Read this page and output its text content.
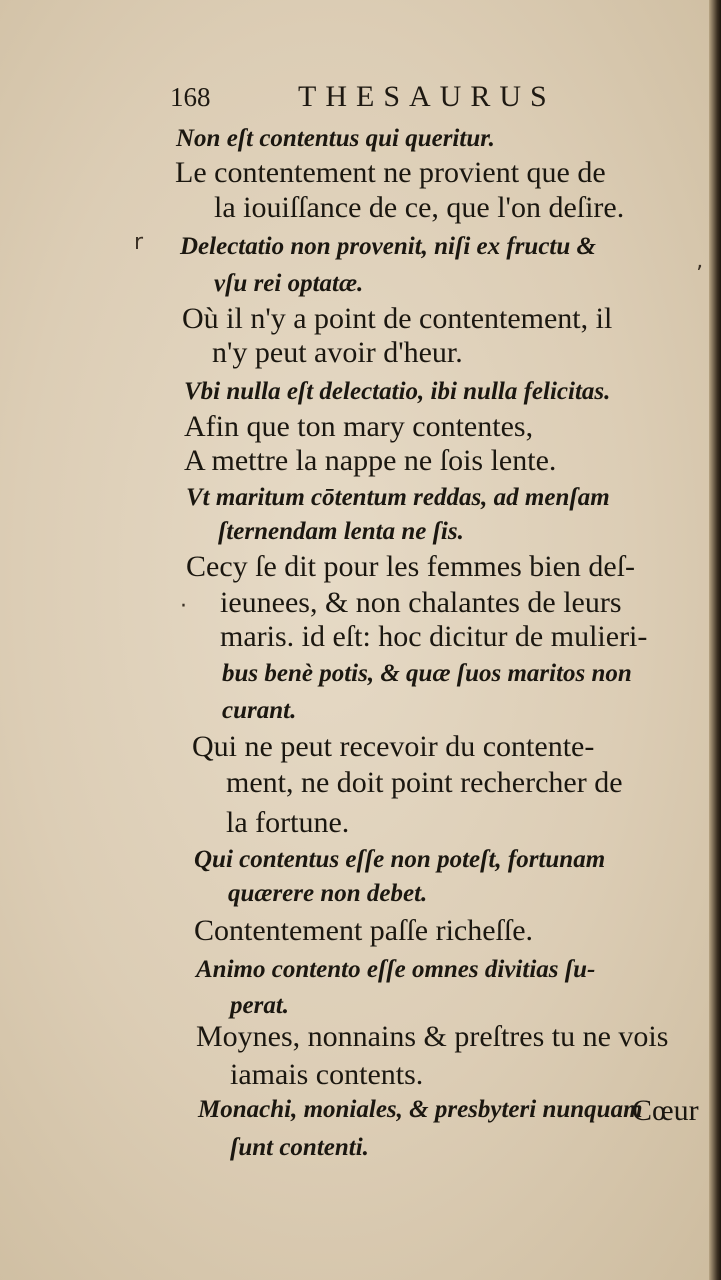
168	THESAURUS
r
ʼ
·
Non eſt contentus qui queritur.
Le contentement ne provient que de
la iouiſſance de ce, que l'on deſire.
Delectatio non provenit, niſi ex fructu &
vſu rei optatæ.
Où il n'y a point de contentement, il
n'y peut avoir d'heur.
Vbi nulla eſt delectatio, ibi nulla felicitas.
Afin que ton mary contentes,
A mettre la nappe ne ſois lente.
Vt maritum cōtentum reddas, ad menſam
ſternendam lenta ne ſis.
Cecy ſe dit pour les femmes bien deſ-
ieunees, & non chalantes de leurs
maris. id eſt: hoc dicitur de mulieri-
bus benè potis, & quæ ſuos maritos non
curant.
Qui ne peut recevoir du contente-
ment, ne doit point rechercher de
la fortune.
Qui contentus eſſe non poteſt, fortunam
quærere non debet.
Contentement paſſe richeſſe.
Animo contento eſſe omnes divitias ſu-
perat.
Moynes, nonnains & preſtres tu ne vois
iamais contents.
Monachi, moniales, & presbyteri nunquam
ſunt contenti.
Cœur
